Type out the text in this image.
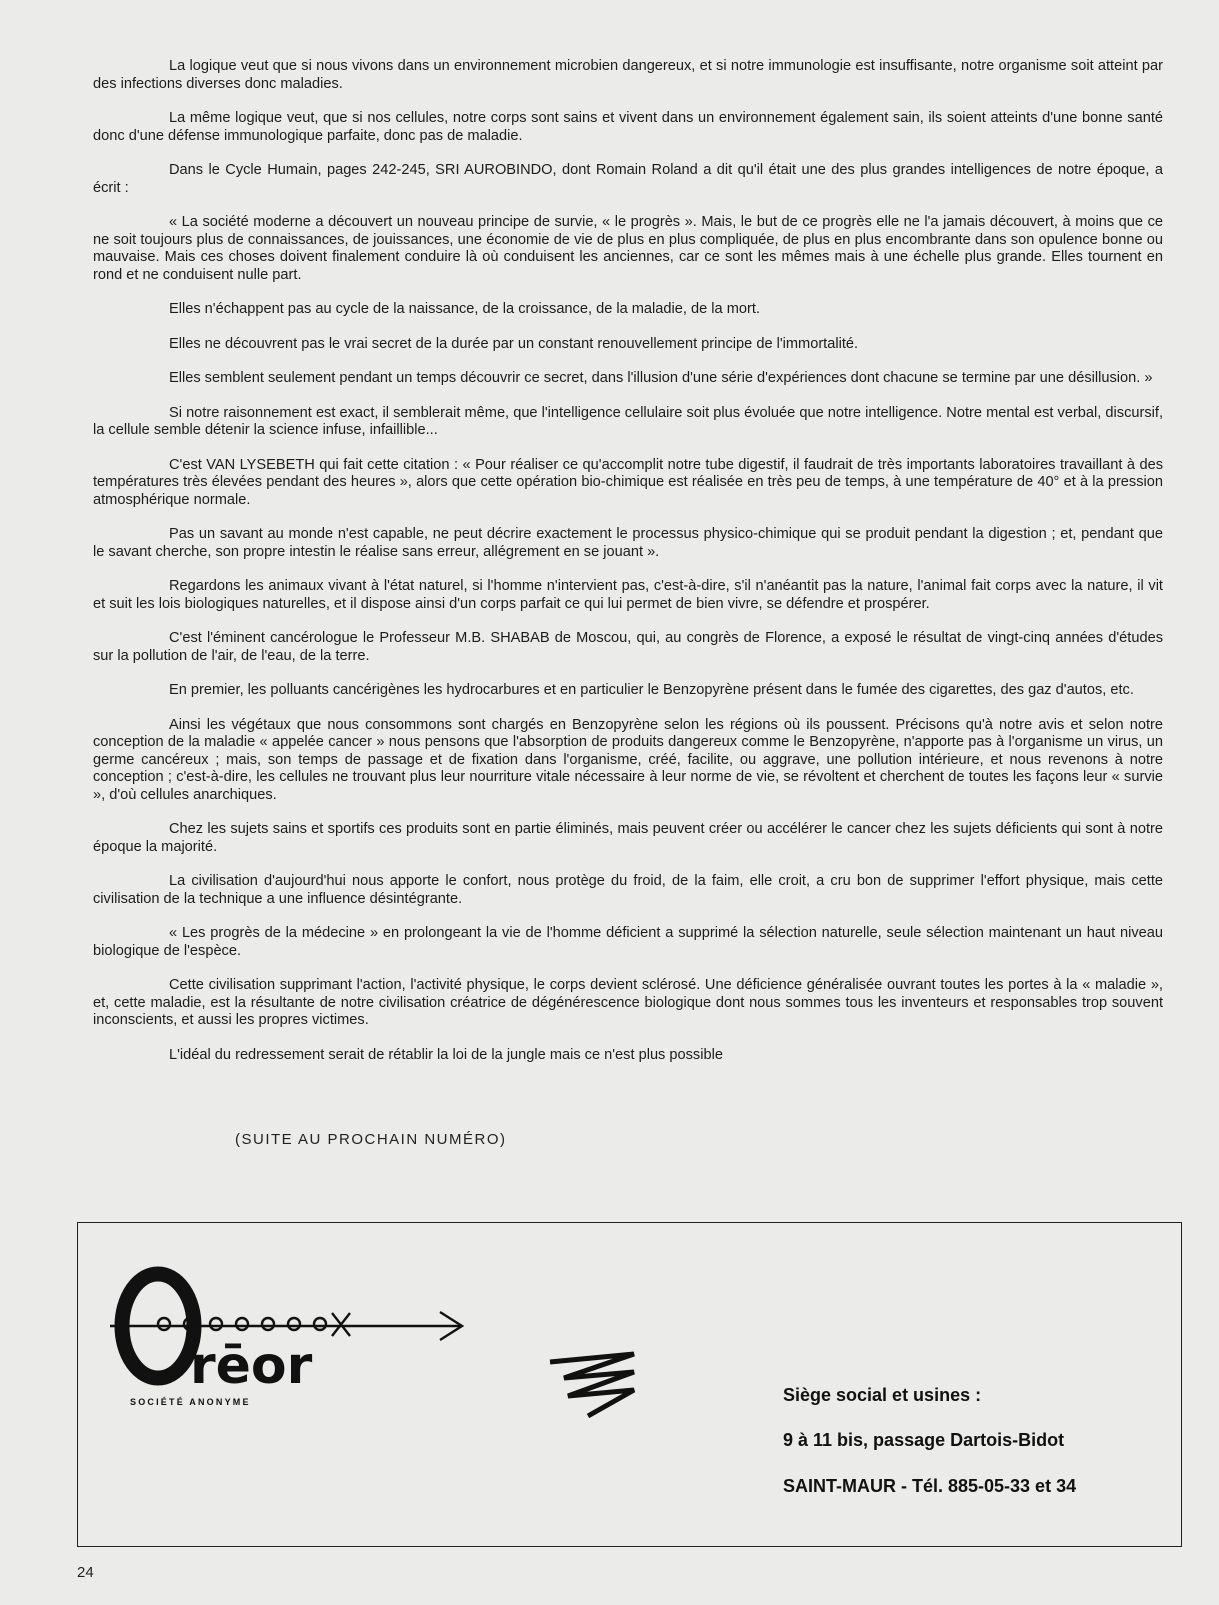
La logique veut que si nous vivons dans un environnement microbien dangereux, et si notre immunologie est insuffisante, notre organisme soit atteint par des infections diverses donc maladies.

La même logique veut, que si nos cellules, notre corps sont sains et vivent dans un environnement également sain, ils soient atteints d'une bonne santé donc d'une défense immunologique parfaite, donc pas de maladie.

Dans le Cycle Humain, pages 242-245, SRI AUROBINDO, dont Romain Roland a dit qu'il était une des plus grandes intelligences de notre époque, a écrit :

« La société moderne a découvert un nouveau principe de survie, « le progrès ». Mais, le but de ce progrès elle ne l'a jamais découvert, à moins que ce ne soit toujours plus de connaissances, de jouissances, une économie de vie de plus en plus compliquée, de plus en plus encombrante dans son opulence bonne ou mauvaise. Mais ces choses doivent finalement conduire là où conduisent les anciennes, car ce sont les mêmes mais à une échelle plus grande. Elles tournent en rond et ne conduisent nulle part.

Elles n'échappent pas au cycle de la naissance, de la croissance, de la maladie, de la mort.

Elles ne découvrent pas le vrai secret de la durée par un constant renouvellement principe de l'immortalité.

Elles semblent seulement pendant un temps découvrir ce secret, dans l'illusion d'une série d'expériences dont chacune se termine par une désillusion. »

Si notre raisonnement est exact, il semblerait même, que l'intelligence cellulaire soit plus évoluée que notre intelligence. Notre mental est verbal, discursif, la cellule semble détenir la science infuse, infaillible...

C'est VAN LYSEBETH qui fait cette citation : « Pour réaliser ce qu'accomplit notre tube digestif, il faudrait de très importants laboratoires travaillant à des températures très élevées pendant des heures », alors que cette opération bio-chimique est réalisée en très peu de temps, à une température de 40° et à la pression atmosphérique normale.

Pas un savant au monde n'est capable, ne peut décrire exactement le processus physico-chimique qui se produit pendant la digestion ; et, pendant que le savant cherche, son propre intestin le réalise sans erreur, allégrement en se jouant ».

Regardons les animaux vivant à l'état naturel, si l'homme n'intervient pas, c'est-à-dire, s'il n'anéantit pas la nature, l'animal fait corps avec la nature, il vit et suit les lois biologiques naturelles, et il dispose ainsi d'un corps parfait ce qui lui permet de bien vivre, se défendre et prospérer.

C'est l'éminent cancérologue le Professeur M.B. SHABAB de Moscou, qui, au congrès de Florence, a exposé le résultat de vingt-cinq années d'études sur la pollution de l'air, de l'eau, de la terre.

En premier, les polluants cancérigènes les hydrocarbures et en particulier le Benzopyrène présent dans le fumée des cigarettes, des gaz d'autos, etc.

Ainsi les végétaux que nous consommons sont chargés en Benzopyrène selon les régions où ils poussent. Précisons qu'à notre avis et selon notre conception de la maladie « appelée cancer » nous pensons que l'absorption de produits dangereux comme le Benzopyrène, n'apporte pas à l'organisme un virus, un germe cancéreux ; mais, son temps de passage et de fixation dans l'organisme, créé, facilite, ou aggrave, une pollution intérieure, et nous revenons à notre conception ; c'est-à-dire, les cellules ne trouvant plus leur nourriture vitale nécessaire à leur norme de vie, se révoltent et cherchent de toutes les façons leur « survie », d'où cellules anarchiques.

Chez les sujets sains et sportifs ces produits sont en partie éliminés, mais peuvent créer ou accélérer le cancer chez les sujets déficients qui sont à notre époque la majorité.

La civilisation d'aujourd'hui nous apporte le confort, nous protège du froid, de la faim, elle croit, a cru bon de supprimer l'effort physique, mais cette civilisation de la technique a une influence désintégrante.

« Les progrès de la médecine » en prolongeant la vie de l'homme déficient a supprimé la sélection naturelle, seule sélection maintenant un haut niveau biologique de l'espèce.

Cette civilisation supprimant l'action, l'activité physique, le corps devient sclérosé. Une déficience généralisée ouvrant toutes les portes à la « maladie », et, cette maladie, est la résultante de notre civilisation créatrice de dégénérescence biologique dont nous sommes tous les inventeurs et responsables trop souvent inconscients, et aussi les propres victimes.

L'idéal du redressement serait de rétablir la loi de la jungle mais ce n'est plus possible

(SUITE AU PROCHAIN NUMÉRO)
rēor
SOCIÉTÉ ANONYME	Siège social et usines :
9 à 11 bis, passage Dartois-Bidot
SAINT-MAUR - Tél. 885-05-33 et 34
24
